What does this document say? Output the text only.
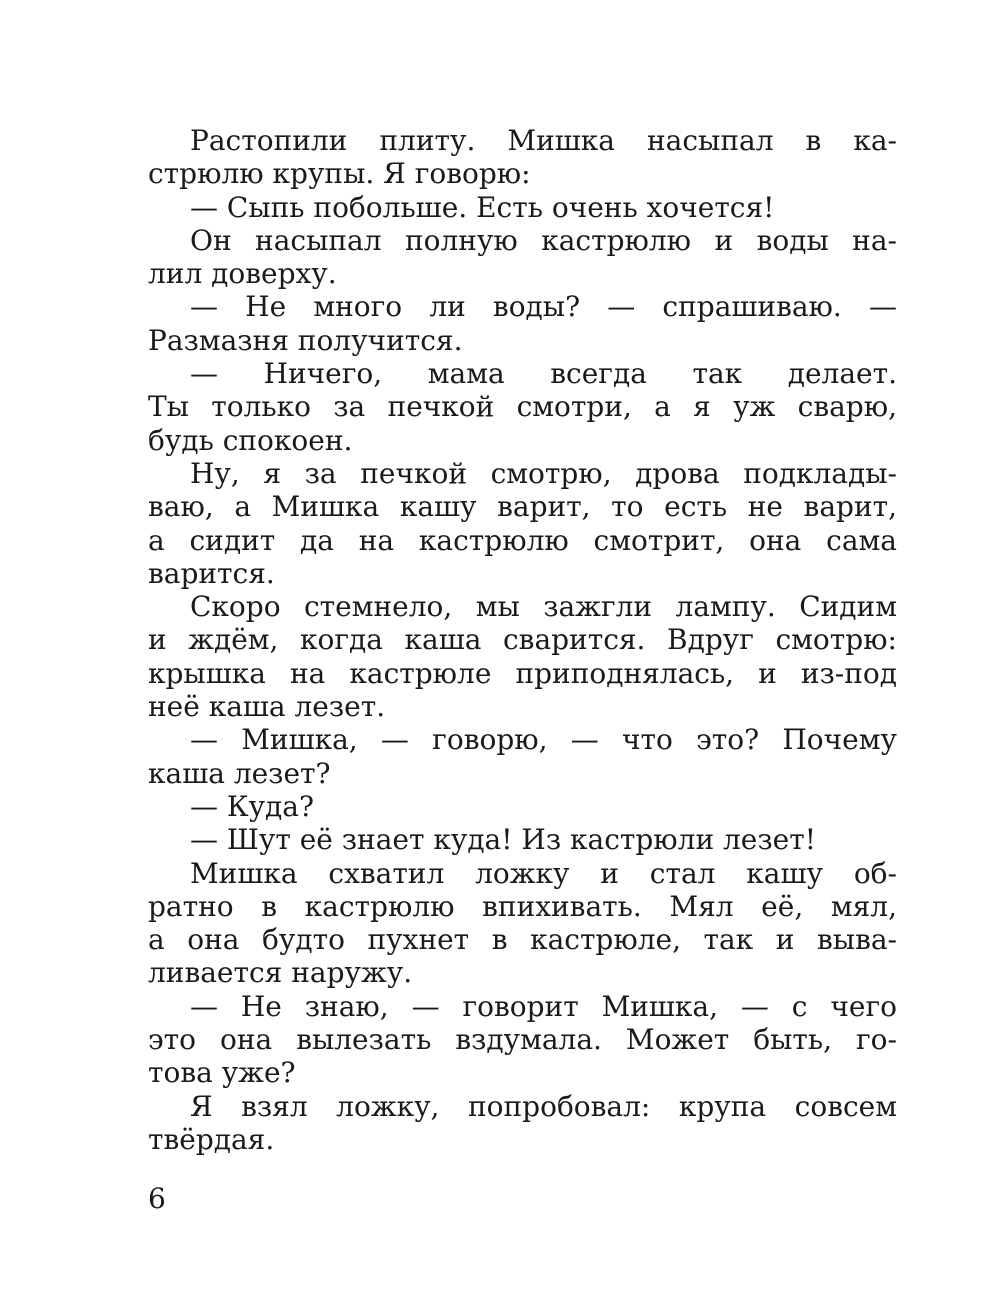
Растопили плиту. Мишка насыпал в ка-
стрюлю крупы. Я говорю:

— Сыпь побольше. Есть очень хочется!

Он насыпал полную кастрюлю и воды на-
лил доверху.

— Не много ли воды? — спрашиваю. —
Размазня получится.

— Ничего, мама всегда так делает.
Ты только за печкой смотри, а я уж сварю,
будь спокоен.

Ну, я за печкой смотрю, дрова подклады-
ваю, а Мишка кашу варит, то есть не варит,
а сидит да на кастрюлю смотрит, она сама
варится.

Скоро стемнело, мы зажгли лампу. Сидим
и ждём, когда каша сварится. Вдруг смотрю:
крышка на кастрюле приподнялась, и из-под
неё каша лезет.

— Мишка, — говорю, — что это? Почему
каша лезет?

— Куда?

— Шут её знает куда! Из кастрюли лезет!

Мишка схватил ложку и стал кашу об-
ратно в кастрюлю впихивать. Мял её, мял,
а она будто пухнет в кастрюле, так и выва-
ливается наружу.

— Не знаю, — говорит Мишка, — с чего
это она вылезать вздумала. Может быть, го-
това уже?

Я взял ложку, попробовал: крупа совсем
твёрдая.

6
